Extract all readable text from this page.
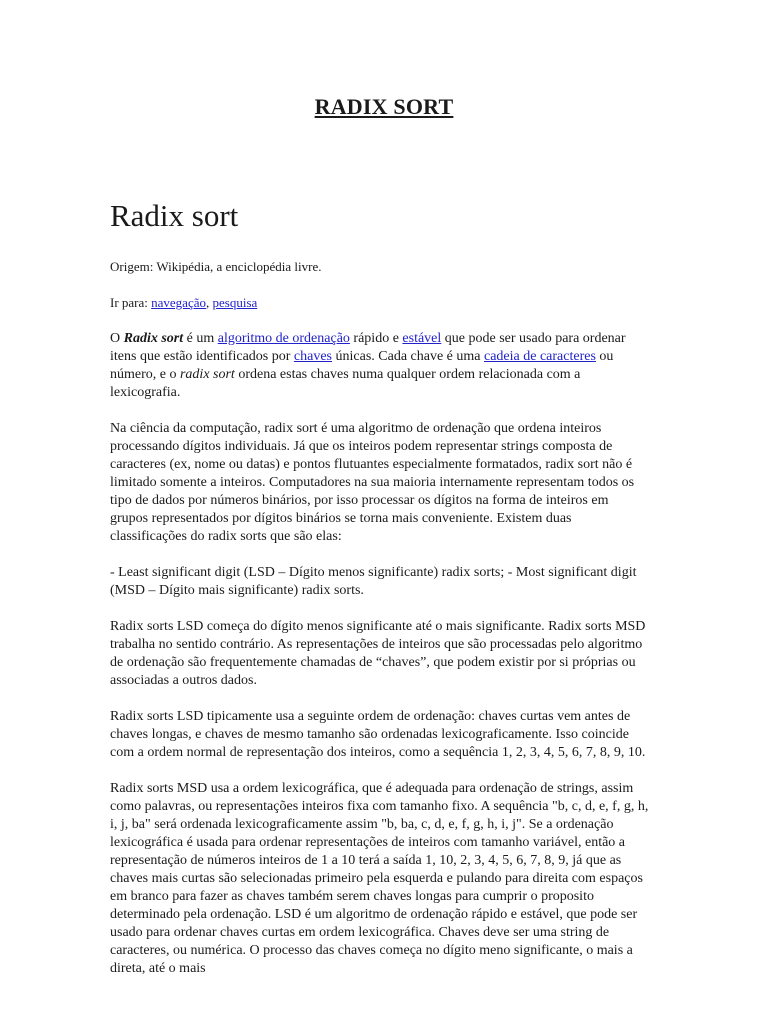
RADIX SORT
Radix sort

Origem: Wikipédia, a enciclopédia livre.

Ir para: navegação, pesquisa

O Radix sort é um algoritmo de ordenação rápido e estável que pode ser usado para ordenar itens que estão identificados por chaves únicas. Cada chave é uma cadeia de caracteres ou número, e o radix sort ordena estas chaves numa qualquer ordem relacionada com a lexicografia.

Na ciência da computação, radix sort é uma algoritmo de ordenação que ordena inteiros processando dígitos individuais. Já que os inteiros podem representar strings composta de caracteres (ex, nome ou datas) e pontos flutuantes especialmente formatados, radix sort não é limitado somente a inteiros. Computadores na sua maioria internamente representam todos os tipo de dados por números binários, por isso processar os dígitos na forma de inteiros em grupos representados por dígitos binários se torna mais conveniente. Existem duas classificações do radix sorts que são elas:

- Least significant digit (LSD – Dígito menos significante) radix sorts; - Most significant digit (MSD – Dígito mais significante) radix sorts.

Radix sorts LSD começa do dígito menos significante até o mais significante. Radix sorts MSD trabalha no sentido contrário. As representações de inteiros que são processadas pelo algoritmo de ordenação são frequentemente chamadas de “chaves”, que podem existir por si próprias ou associadas a outros dados.

Radix sorts LSD tipicamente usa a seguinte ordem de ordenação: chaves curtas vem antes de chaves longas, e chaves de mesmo tamanho são ordenadas lexicograficamente. Isso coincide com a ordem normal de representação dos inteiros, como a sequência 1, 2, 3, 4, 5, 6, 7, 8, 9, 10.

Radix sorts MSD usa a ordem lexicográfica, que é adequada para ordenação de strings, assim como palavras, ou representações inteiros fixa com tamanho fixo. A sequência "b, c, d, e, f, g, h, i, j, ba" será ordenada lexicograficamente assim "b, ba, c, d, e, f, g, h, i, j". Se a ordenação lexicográfica é usada para ordenar representações de inteiros com tamanho variável, então a representação de números inteiros de 1 a 10 terá a saída 1, 10, 2, 3, 4, 5, 6, 7, 8, 9, já que as chaves mais curtas são selecionadas primeiro pela esquerda e pulando para direita com espaços em branco para fazer as chaves também serem chaves longas para cumprir o proposito determinado pela ordenação. LSD é um algoritmo de ordenação rápido e estável, que pode ser usado para ordenar chaves curtas em ordem lexicográfica. Chaves deve ser uma string de caracteres, ou numérica. O processo das chaves começa no dígito meno significante, o mais a direta, até o mais
